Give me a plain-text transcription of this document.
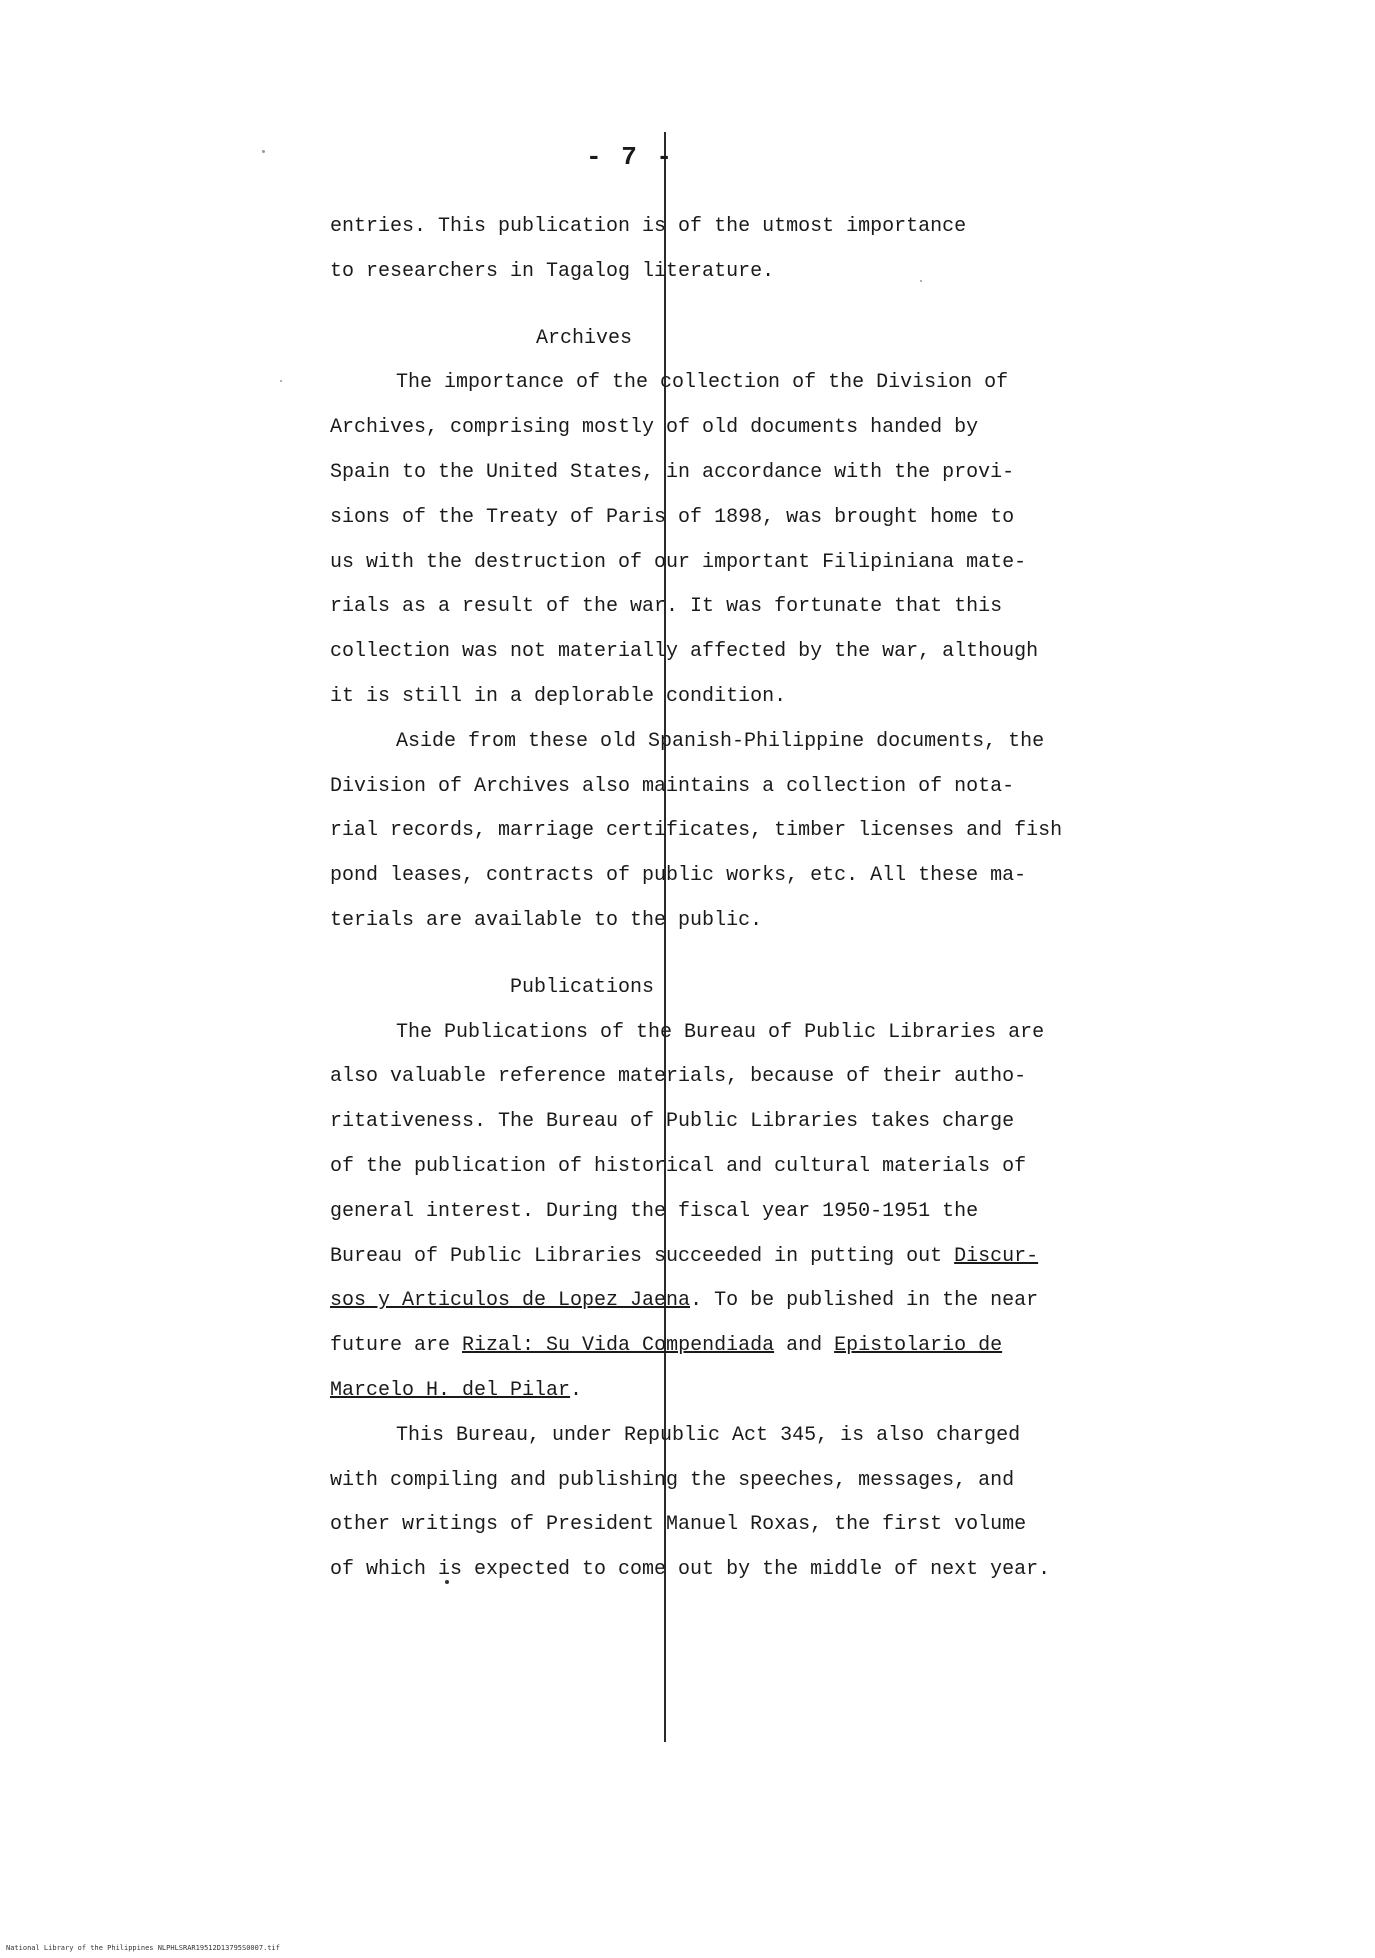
- 7 -
entries. This publication is of the utmost importance
to researchers in Tagalog literature.
Archives
The importance of the collection of the Division of
Archives, comprising mostly of old documents handed by
Spain to the United States, in accordance with the provi-
sions of the Treaty of Paris of 1898, was brought home to
us with the destruction of our important Filipiniana mate-
rials as a result of the war. It was fortunate that this
collection was not materially affected by the war, although
it is still in a deplorable condition.
Aside from these old Spanish-Philippine documents, the
Division of Archives also maintains a collection of nota-
rial records, marriage certificates, timber licenses and fish
pond leases, contracts of public works, etc. All these ma-
terials are available to the public.
Publications
The Publications of the Bureau of Public Libraries are
also valuable reference materials, because of their autho-
ritativeness. The Bureau of Public Libraries takes charge
of the publication of historical and cultural materials of
general interest. During the fiscal year 1950-1951 the
Bureau of Public Libraries succeeded in putting out Discur-
sos y Articulos de Lopez Jaena. To be published in the near
future are Rizal: Su Vida Compendiada and Epistolario de
Marcelo H. del Pilar.
This Bureau, under Republic Act 345, is also charged
with compiling and publishing the speeches, messages, and
other writings of President Manuel Roxas, the first volume
of which is expected to come out by the middle of next year.
National Library of the Philippines NLPHLSRAR19512D13795S0007.tif
